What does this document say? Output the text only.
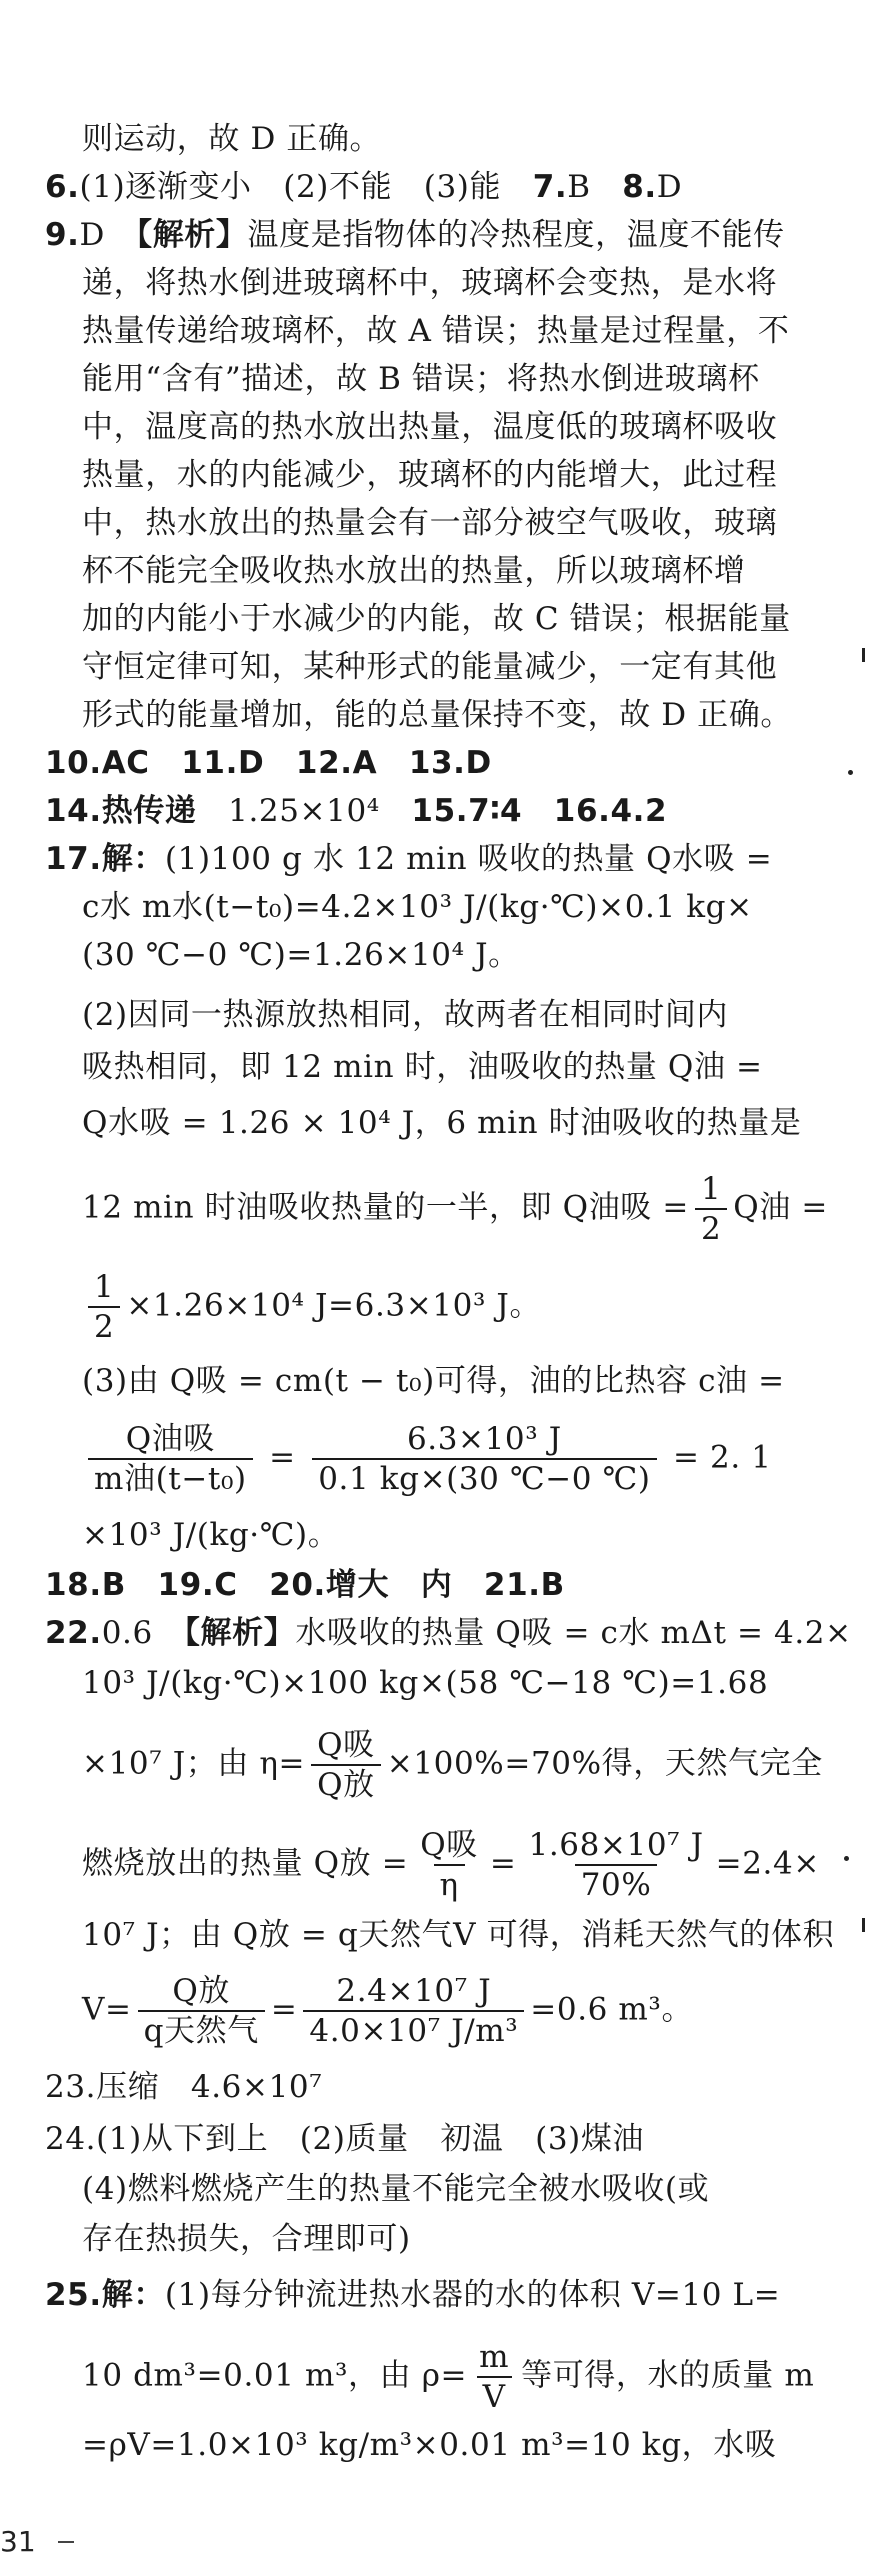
则运动，故 D 正确。
6.(1)逐渐变小　(2)不能　(3)能　7.B　8.D
9.D　【解析】温度是指物体的冷热程度，温度不能传
递，将热水倒进玻璃杯中，玻璃杯会变热，是水将
热量传递给玻璃杯，故 A 错误；热量是过程量，不
能用“含有”描述，故 B 错误；将热水倒进玻璃杯
中，温度高的热水放出热量，温度低的玻璃杯吸收
热量，水的内能减少，玻璃杯的内能增大，此过程
中，热水放出的热量会有一部分被空气吸收，玻璃
杯不能完全吸收热水放出的热量，所以玻璃杯增
加的内能小于水减少的内能，故 C 错误；根据能量
守恒定律可知，某种形式的能量减少，一定有其他
形式的能量增加，能的总量保持不变，故 D 正确。
10.AC　11.D　12.A　13.D
14.热传递　1.25×10⁴　15.7∶4　16.4.2
17.解：(1)100 g 水 12 min 吸收的热量 Q水吸 =
c水 m水(t−t₀)=4.2×10³ J/(kg·℃)×0.1 kg×
(30 ℃−0 ℃)=1.26×10⁴ J。
(2)因同一热源放热相同，故两者在相同时间内
吸热相同，即 12 min 时，油吸收的热量 Q油 =
Q水吸 = 1.26 × 10⁴ J，6 min 时油吸收的热量是
12 min 时油吸收热量的一半，即 Q油吸 = $\frac{1}{2}$ Q油 =
$\frac{1}{2} \times 1.26\times 10^4$ J=6.3×10³ J。
(3)由 Q吸 = cm(t − t₀)可得，油的比热容 c油 =
$\frac{\text{Q油吸}}{\text{m油(t−t₀)}} = \frac{\text{6.3×10³ J}}{0.1 kg\times(30 ℃-0 ℃)} = 2$. 1
×10³ J/(kg·℃)。
18.B　19.C　20.增大　内　21.B
22.0.6　【解析】水吸收的热量 Q吸 = c水 mΔt = 4.2×
10³ J/(kg·℃)×100 kg×(58 ℃−18 ℃)=1.68
×10⁷ J；由 $\eta= \frac{\text{Q吸}}{\text{Q放}} \times 100\%=70\%$得，天然气完全
燃烧放出的热量 Q放 = $\frac{\text{Q吸}}{\eta} = \frac{\text{1.68×10⁷ J}}{70\%} =2.4\times$
10⁷ J；由 Q放 = q天然气V 可得，消耗天然气的体积
$V= \frac{\text{Q放}}{\text{q天然气}} = \frac{\text{2.4×10⁷ J}}{\text{4.0×10⁷ J/m³}} =0.6$ m³。
23.压缩　4.6×10⁷
24.(1)从下到上　(2)质量　初温　(3)煤油
(4)燃料燃烧产生的热量不能完全被水吸收(或
存在热损失，合理即可)
25.解：(1)每分钟流进热水器的水的体积 V=10 L=
10 dm³=0.01 m³，由 $\rho= \frac{m}{V}$ 等可得，水的质量 m
=ρV=1.0×10³ kg/m³×0.01 m³=10 kg，水吸
31
